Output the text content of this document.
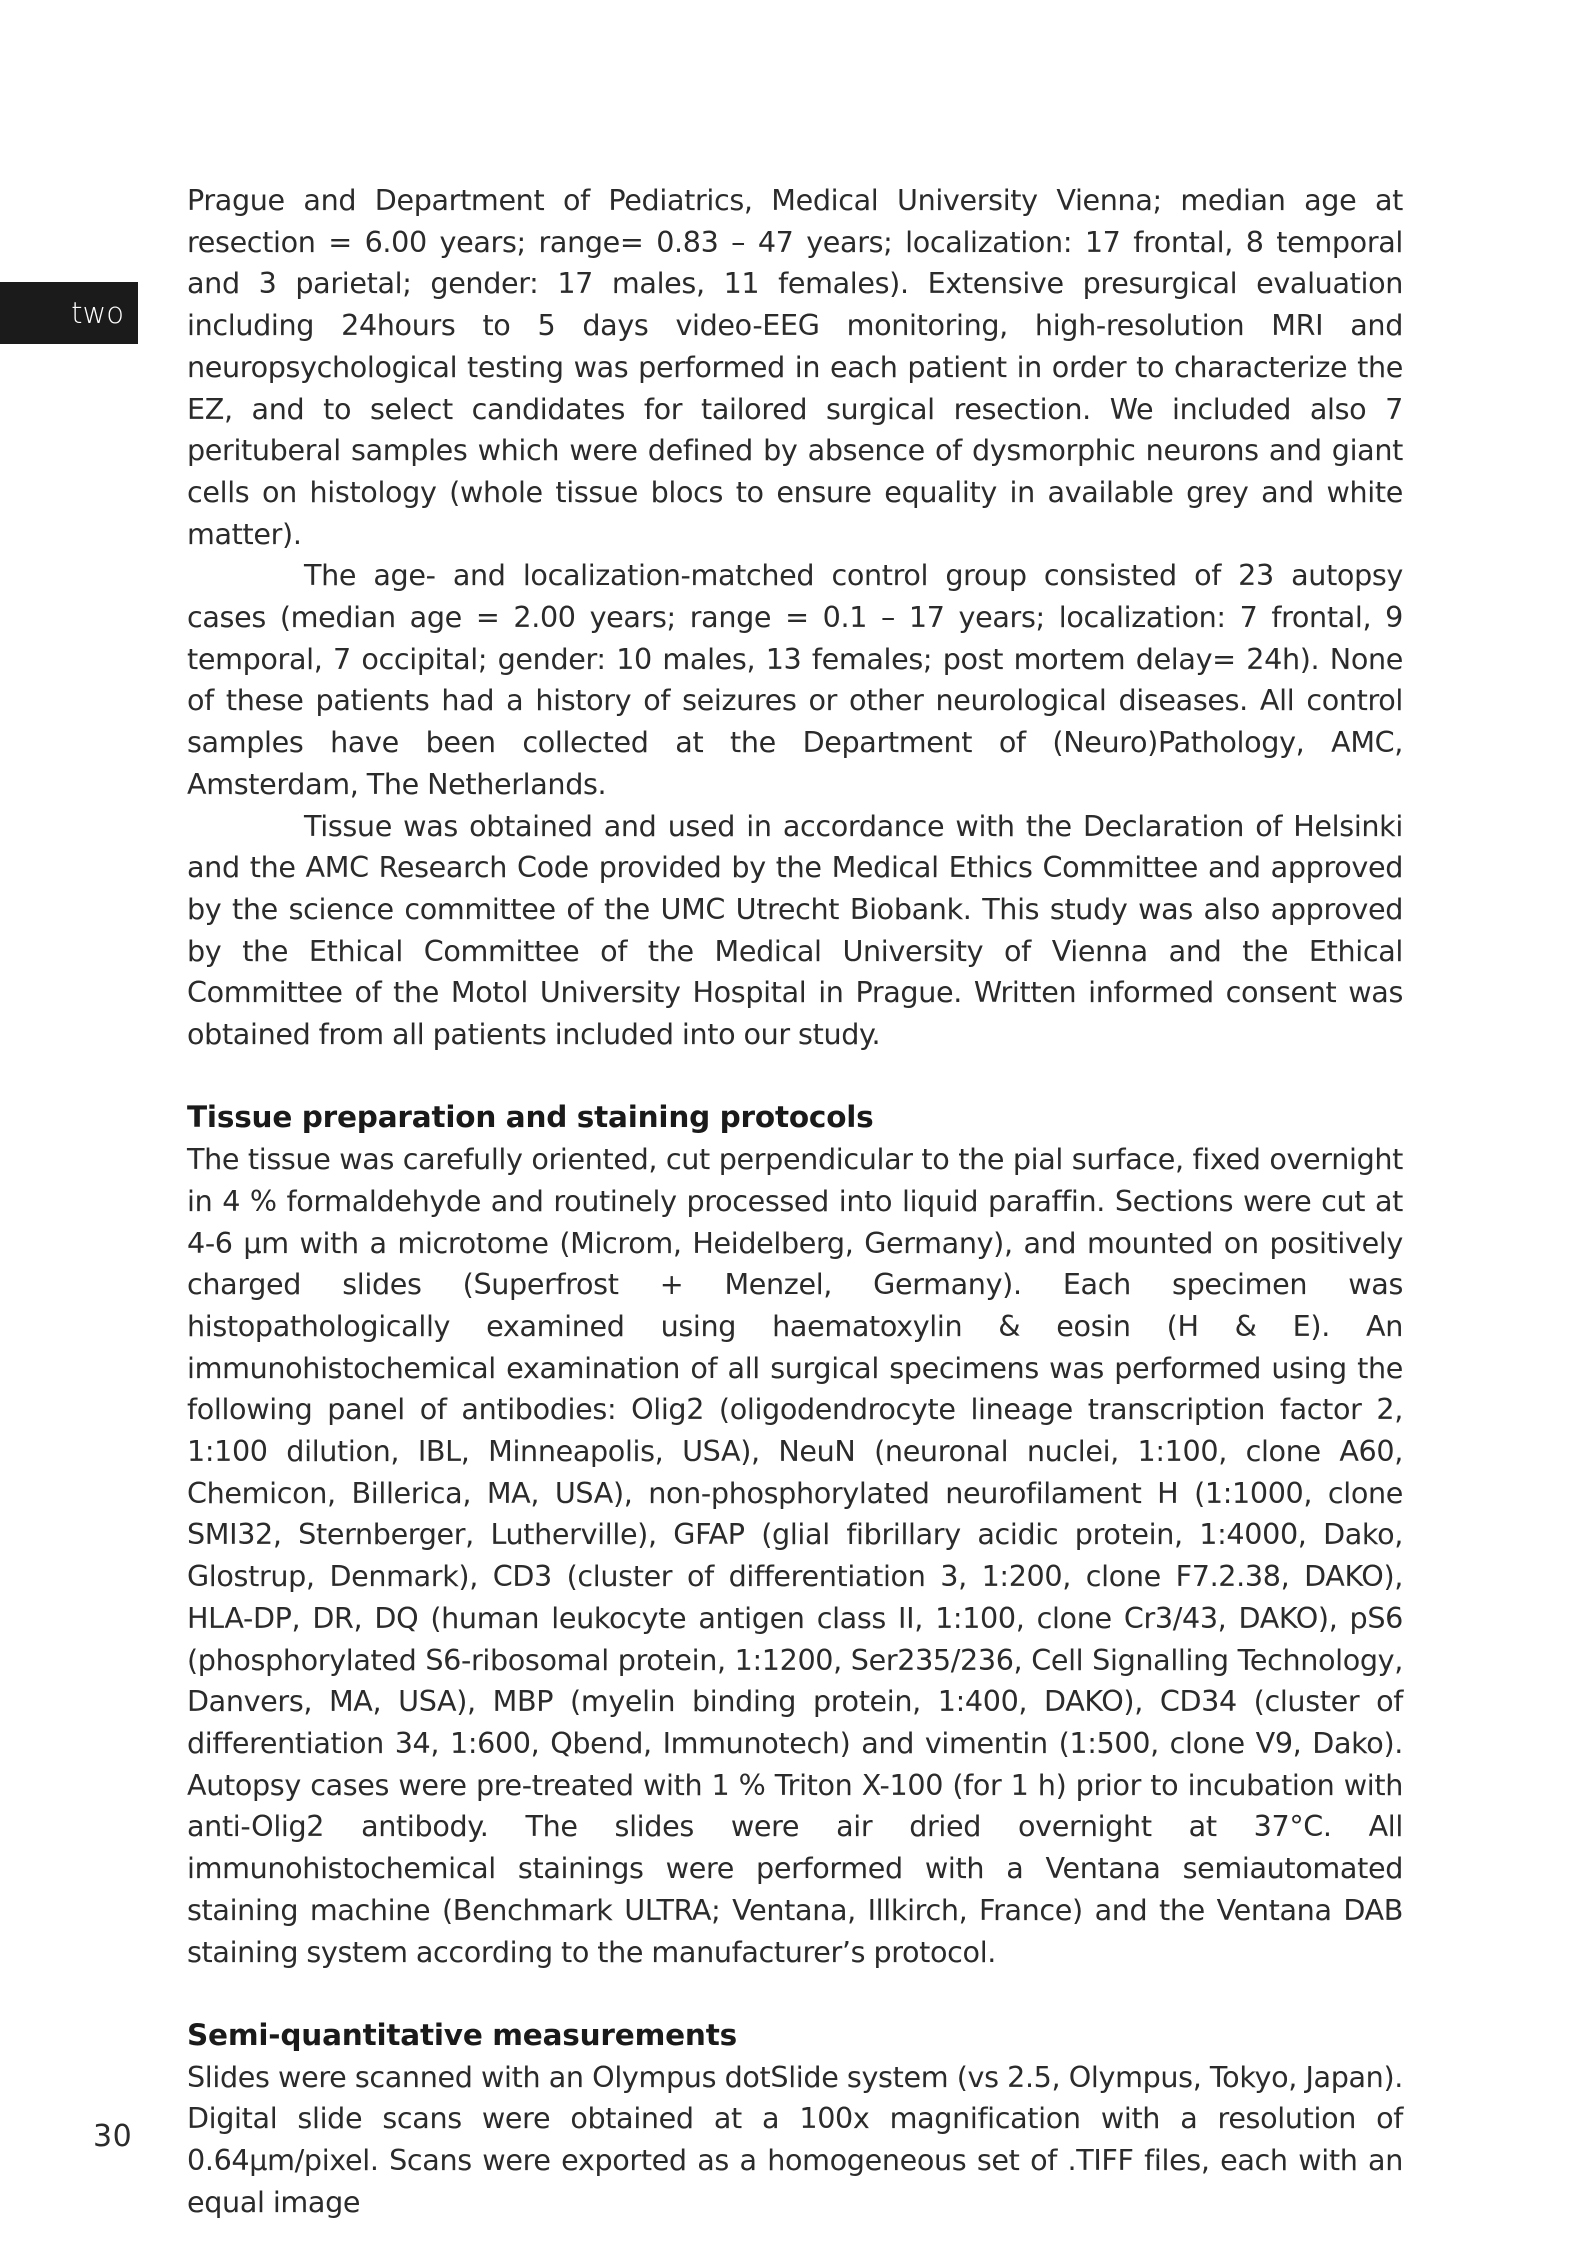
two

Prague and Department of Pediatrics, Medical University Vienna; median age at resection = 6.00 years; range= 0.83 – 47 years; localization: 17 frontal, 8 temporal and 3 parietal; gender: 17 males, 11 females). Extensive presurgical evaluation including 24hours to 5 days video-EEG monitoring, high-resolution MRI and neuropsychological testing was performed in each patient in order to characterize the EZ, and to select candidates for tailored surgical resection. We included also 7 perituberal samples which were defined by absence of dysmorphic neurons and giant cells on histology (whole tissue blocs to ensure equality in available grey and white matter).

The age- and localization-matched control group consisted of 23 autopsy cases (median age = 2.00 years; range = 0.1 – 17 years; localization: 7 frontal, 9 temporal, 7 occipital; gender: 10 males, 13 females; post mortem delay= 24h). None of these patients had a history of seizures or other neurological diseases. All control samples have been collected at the Department of (Neuro)Pathology, AMC, Amsterdam, The Netherlands.

Tissue was obtained and used in accordance with the Declaration of Helsinki and the AMC Research Code provided by the Medical Ethics Committee and approved by the science committee of the UMC Utrecht Biobank. This study was also approved by the Ethical Committee of the Medical University of Vienna and the Ethical Committee of the Motol University Hospital in Prague. Written informed consent was obtained from all patients included into our study.

Tissue preparation and staining protocols

The tissue was carefully oriented, cut perpendicular to the pial surface, fixed overnight in 4 % formaldehyde and routinely processed into liquid paraffin. Sections were cut at 4-6 µm with a microtome (Microm, Heidelberg, Germany), and mounted on positively charged slides (Superfrost + Menzel, Germany). Each specimen was histopathologically examined using haematoxylin & eosin (H & E). An immunohistochemical examination of all surgical specimens was performed using the following panel of antibodies: Olig2 (oligodendrocyte lineage transcription factor 2, 1:100 dilution, IBL, Minneapolis, USA), NeuN (neuronal nuclei, 1:100, clone A60, Chemicon, Billerica, MA, USA), non-phosphorylated neurofilament H (1:1000, clone SMI32, Sternberger, Lutherville), GFAP (glial fibrillary acidic protein, 1:4000, Dako, Glostrup, Denmark), CD3 (cluster of differentiation 3, 1:200, clone F7.2.38, DAKO), HLA-DP, DR, DQ (human leukocyte antigen class II, 1:100, clone Cr3/43, DAKO), pS6 (phosphorylated S6-ribosomal protein, 1:1200, Ser235/236, Cell Signalling Technology, Danvers, MA, USA), MBP (myelin binding protein, 1:400, DAKO), CD34 (cluster of differentiation 34, 1:600, Qbend, Immunotech) and vimentin (1:500, clone V9, Dako). Autopsy cases were pre-treated with 1 % Triton X-100 (for 1 h) prior to incubation with anti-Olig2 antibody. The slides were air dried overnight at 37°C. All immunohistochemical stainings were performed with a Ventana semiautomated staining machine (Benchmark ULTRA; Ventana, Illkirch, France) and the Ventana DAB staining system according to the manufacturer’s protocol.

Semi-quantitative measurements

Slides were scanned with an Olympus dotSlide system (vs 2.5, Olympus, Tokyo, Japan). Digital slide scans were obtained at a 100x magnification with a resolution of 0.64µm/pixel. Scans were exported as a homogeneous set of .TIFF files, each with an equal image

30
